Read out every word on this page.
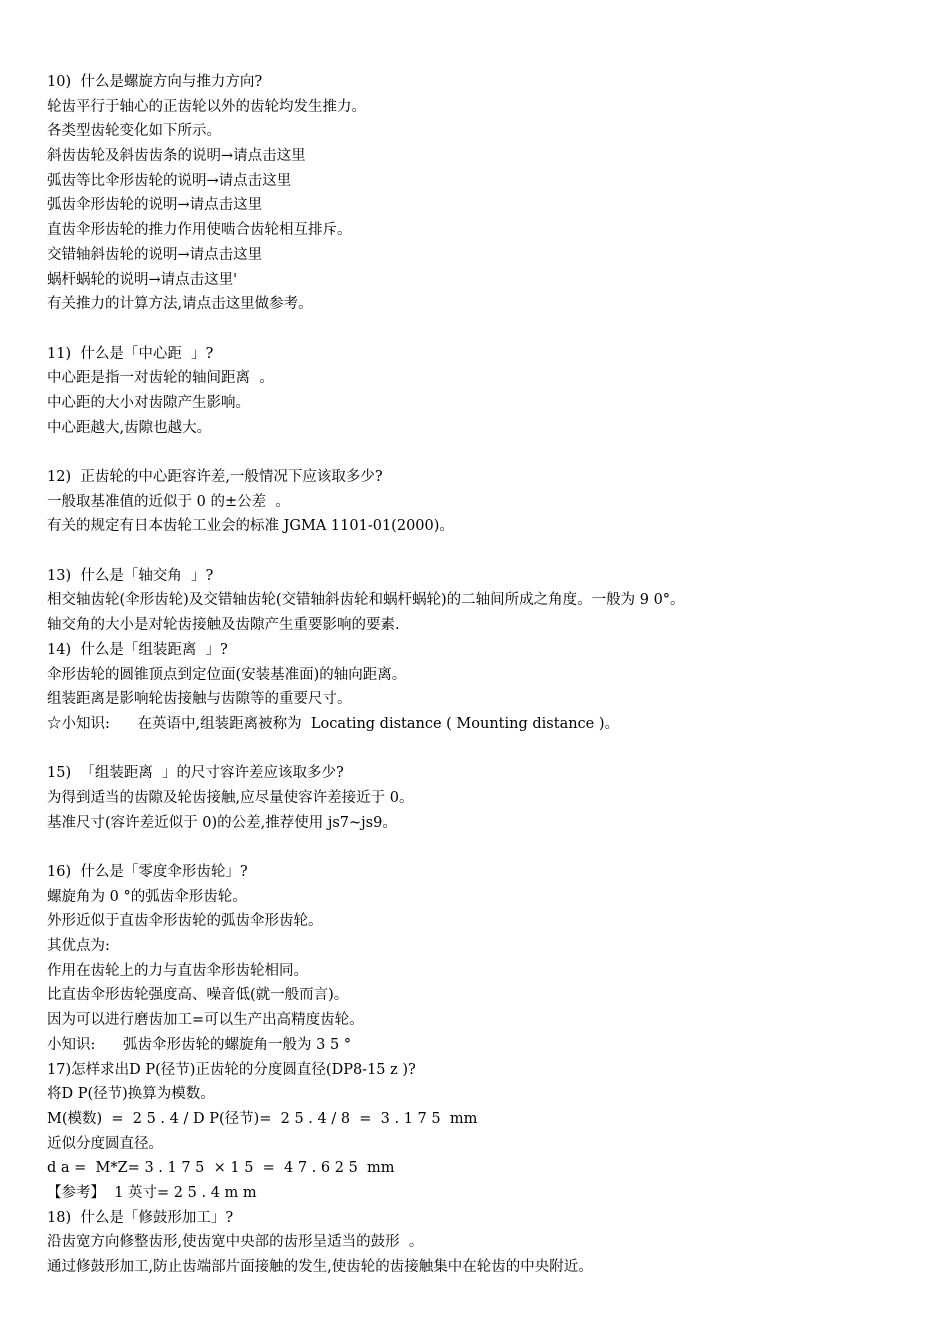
10)  什么是螺旋方向与推力方向?
轮齿平行于轴心的正齿轮以外的齿轮均发生推力。
各类型齿轮变化如下所示。
斜齿齿轮及斜齿齿条的说明→请点击这里
弧齿等比伞形齿轮的说明→请点击这里
弧齿伞形齿轮的说明→请点击这里
直齿伞形齿轮的推力作用使啮合齿轮相互排斥。
交错轴斜齿轮的说明→请点击这里
蜗杆蜗轮的说明→请点击这里'
有关推力的计算方法,请点击这里做参考。
11)  什么是「中心距  」?
中心距是指一对齿轮的轴间距离  。
中心距的大小对齿隙产生影响。
中心距越大,齿隙也越大。
12)  正齿轮的中心距容许差,一般情况下应该取多少?
一般取基准值的近似于 0 的±公差  。
有关的规定有日本齿轮工业会的标准 JGMA 1101-01(2000)。
13)  什么是「轴交角  」?
相交轴齿轮(伞形齿轮)及交错轴齿轮(交错轴斜齿轮和蜗杆蜗轮)的二轴间所成之角度。一般为 9 0°。
轴交角的大小是对轮齿接触及齿隙产生重要影响的要素.
14)  什么是「组装距离  」?
伞形齿轮的圆锥顶点到定位面(安装基准面)的轴向距离。
组装距离是影响轮齿接触与齿隙等的重要尺寸。
☆小知识:      在英语中,组装距离被称为  Locating distance ( Mounting distance )。
15)  「组装距离  」的尺寸容许差应该取多少?
为得到适当的齿隙及轮齿接触,应尽量使容许差接近于 0。
基准尺寸(容许差近似于 0)的公差,推荐使用 js7~js9。
16)  什么是「零度伞形齿轮」?
螺旋角为 0 °的弧齿伞形齿轮。
外形近似于直齿伞形齿轮的弧齿伞形齿轮。
其优点为:
作用在齿轮上的力与直齿伞形齿轮相同。
比直齿伞形齿轮强度高、噪音低(就一般而言)。
因为可以进行磨齿加工=可以生产出高精度齿轮。
小知识:      弧齿伞形齿轮的螺旋角一般为 3 5 °
17)怎样求出D P(径节)正齿轮的分度圆直径(DP8-15 z )?
将D P(径节)换算为模数。
M(模数)  =  2 5 . 4 / D P(径节)=  2 5 . 4 / 8  =  3 . 1 7 5  mm
近似分度圆直径。
d a =  M*Z= 3 . 1 7 5  × 1 5  =  4 7 . 6 2 5  mm
【参考】  1 英寸= 2 5 . 4 m m
18)  什么是「修鼓形加工」?
沿齿宽方向修整齿形,使齿宽中央部的齿形呈适当的鼓形  。
通过修鼓形加工,防止齿端部片面接触的发生,使齿轮的齿接触集中在轮齿的中央附近。
